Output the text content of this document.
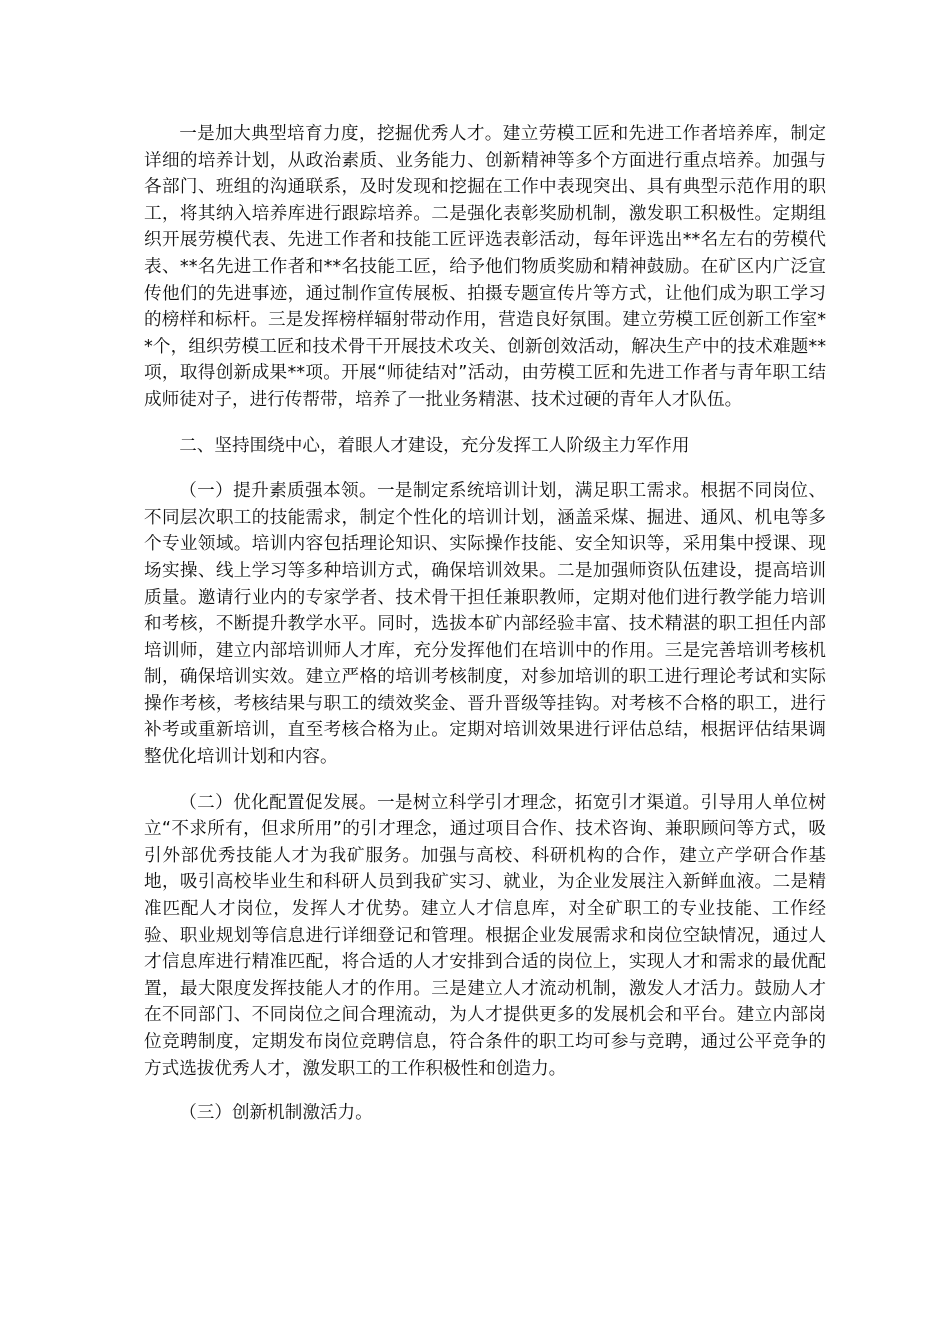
一是加大典型培育力度，挖掘优秀人才。建立劳模工匠和先进工作者培养库，制定详细的培养计划，从政治素质、业务能力、创新精神等多个方面进行重点培养。加强与各部门、班组的沟通联系，及时发现和挖掘在工作中表现突出、具有典型示范作用的职工，将其纳入培养库进行跟踪培养。二是强化表彰奖励机制，激发职工积极性。定期组织开展劳模代表、先进工作者和技能工匠评选表彰活动，每年评选出**名左右的劳模代表、**名先进工作者和**名技能工匠，给予他们物质奖励和精神鼓励。在矿区内广泛宣传他们的先进事迹，通过制作宣传展板、拍摄专题宣传片等方式，让他们成为职工学习的榜样和标杆。三是发挥榜样辐射带动作用，营造良好氛围。建立劳模工匠创新工作室**个，组织劳模工匠和技术骨干开展技术攻关、创新创效活动，解决生产中的技术难题**项，取得创新成果**项。开展“师徒结对”活动，由劳模工匠和先进工作者与青年职工结成师徒对子，进行传帮带，培养了一批业务精湛、技术过硬的青年人才队伍。

二、坚持围绕中心，着眼人才建设，充分发挥工人阶级主力军作用

（一）提升素质强本领。一是制定系统培训计划，满足职工需求。根据不同岗位、不同层次职工的技能需求，制定个性化的培训计划，涵盖采煤、掘进、通风、机电等多个专业领域。培训内容包括理论知识、实际操作技能、安全知识等，采用集中授课、现场实操、线上学习等多种培训方式，确保培训效果。二是加强师资队伍建设，提高培训质量。邀请行业内的专家学者、技术骨干担任兼职教师，定期对他们进行教学能力培训和考核，不断提升教学水平。同时，选拔本矿内部经验丰富、技术精湛的职工担任内部培训师，建立内部培训师人才库，充分发挥他们在培训中的作用。三是完善培训考核机制，确保培训实效。建立严格的培训考核制度，对参加培训的职工进行理论考试和实际操作考核，考核结果与职工的绩效奖金、晋升晋级等挂钩。对考核不合格的职工，进行补考或重新培训，直至考核合格为止。定期对培训效果进行评估总结，根据评估结果调整优化培训计划和内容。

（二）优化配置促发展。一是树立科学引才理念，拓宽引才渠道。引导用人单位树立“不求所有，但求所用”的引才理念，通过项目合作、技术咨询、兼职顾问等方式，吸引外部优秀技能人才为我矿服务。加强与高校、科研机构的合作，建立产学研合作基地，吸引高校毕业生和科研人员到我矿实习、就业，为企业发展注入新鲜血液。二是精准匹配人才岗位，发挥人才优势。建立人才信息库，对全矿职工的专业技能、工作经验、职业规划等信息进行详细登记和管理。根据企业发展需求和岗位空缺情况，通过人才信息库进行精准匹配，将合适的人才安排到合适的岗位上，实现人才和需求的最优配置，最大限度发挥技能人才的作用。三是建立人才流动机制，激发人才活力。鼓励人才在不同部门、不同岗位之间合理流动，为人才提供更多的发展机会和平台。建立内部岗位竞聘制度，定期发布岗位竞聘信息，符合条件的职工均可参与竞聘，通过公平竞争的方式选拔优秀人才，激发职工的工作积极性和创造力。

（三）创新机制激活力。
